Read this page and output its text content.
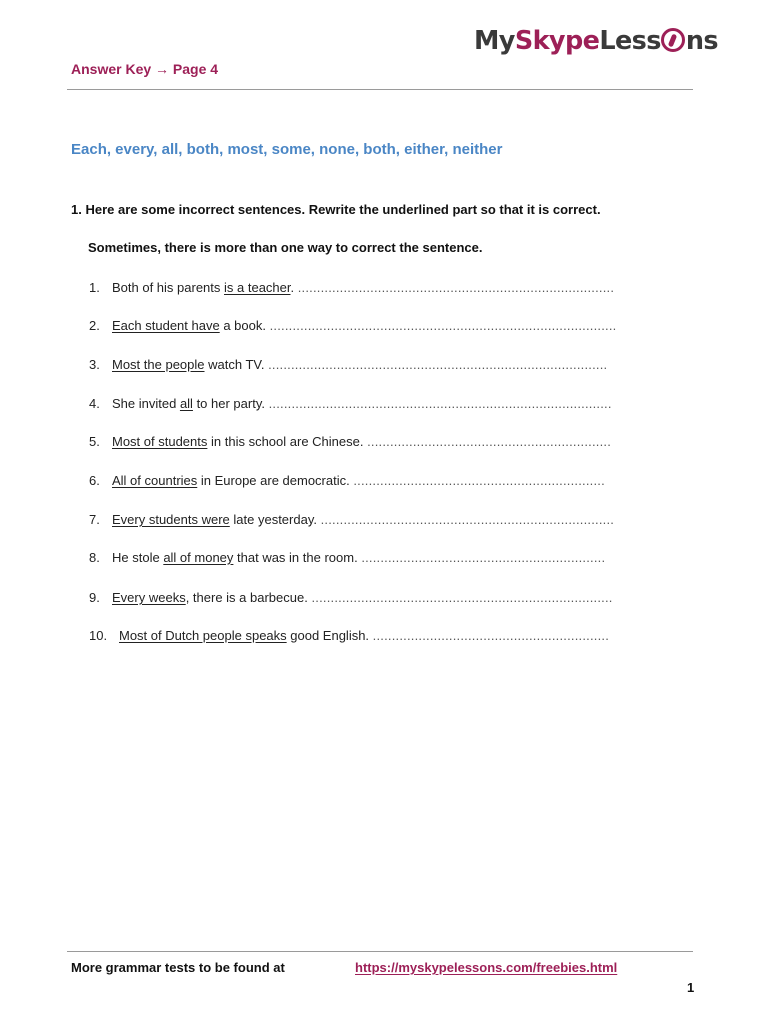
MySkypeLess ns
Answer Key → Page 4
Each, every, all, both, most, some, none, both, either, neither
1. Here are some incorrect sentences. Rewrite the underlined part so that it is correct.
Sometimes, there is more than one way to correct the sentence.
1. Both of his parents is a teacher. ...................................................................................
2. Each student have a book. ...........................................................................................
3. Most the people watch TV. .........................................................................................
4. She invited all to her party. ..........................................................................................
5. Most of students in this school are Chinese. ................................................................
6. All of countries in Europe are democratic. ..................................................................
7. Every students were late yesterday. .............................................................................
8. He stole all of money that was in the room. ................................................................
9. Every weeks, there is a barbecue. ...............................................................................
10. Most of Dutch people speaks good English. ..............................................................
More grammar tests to be found at	https://myskypelessons.com/freebies.html
1
